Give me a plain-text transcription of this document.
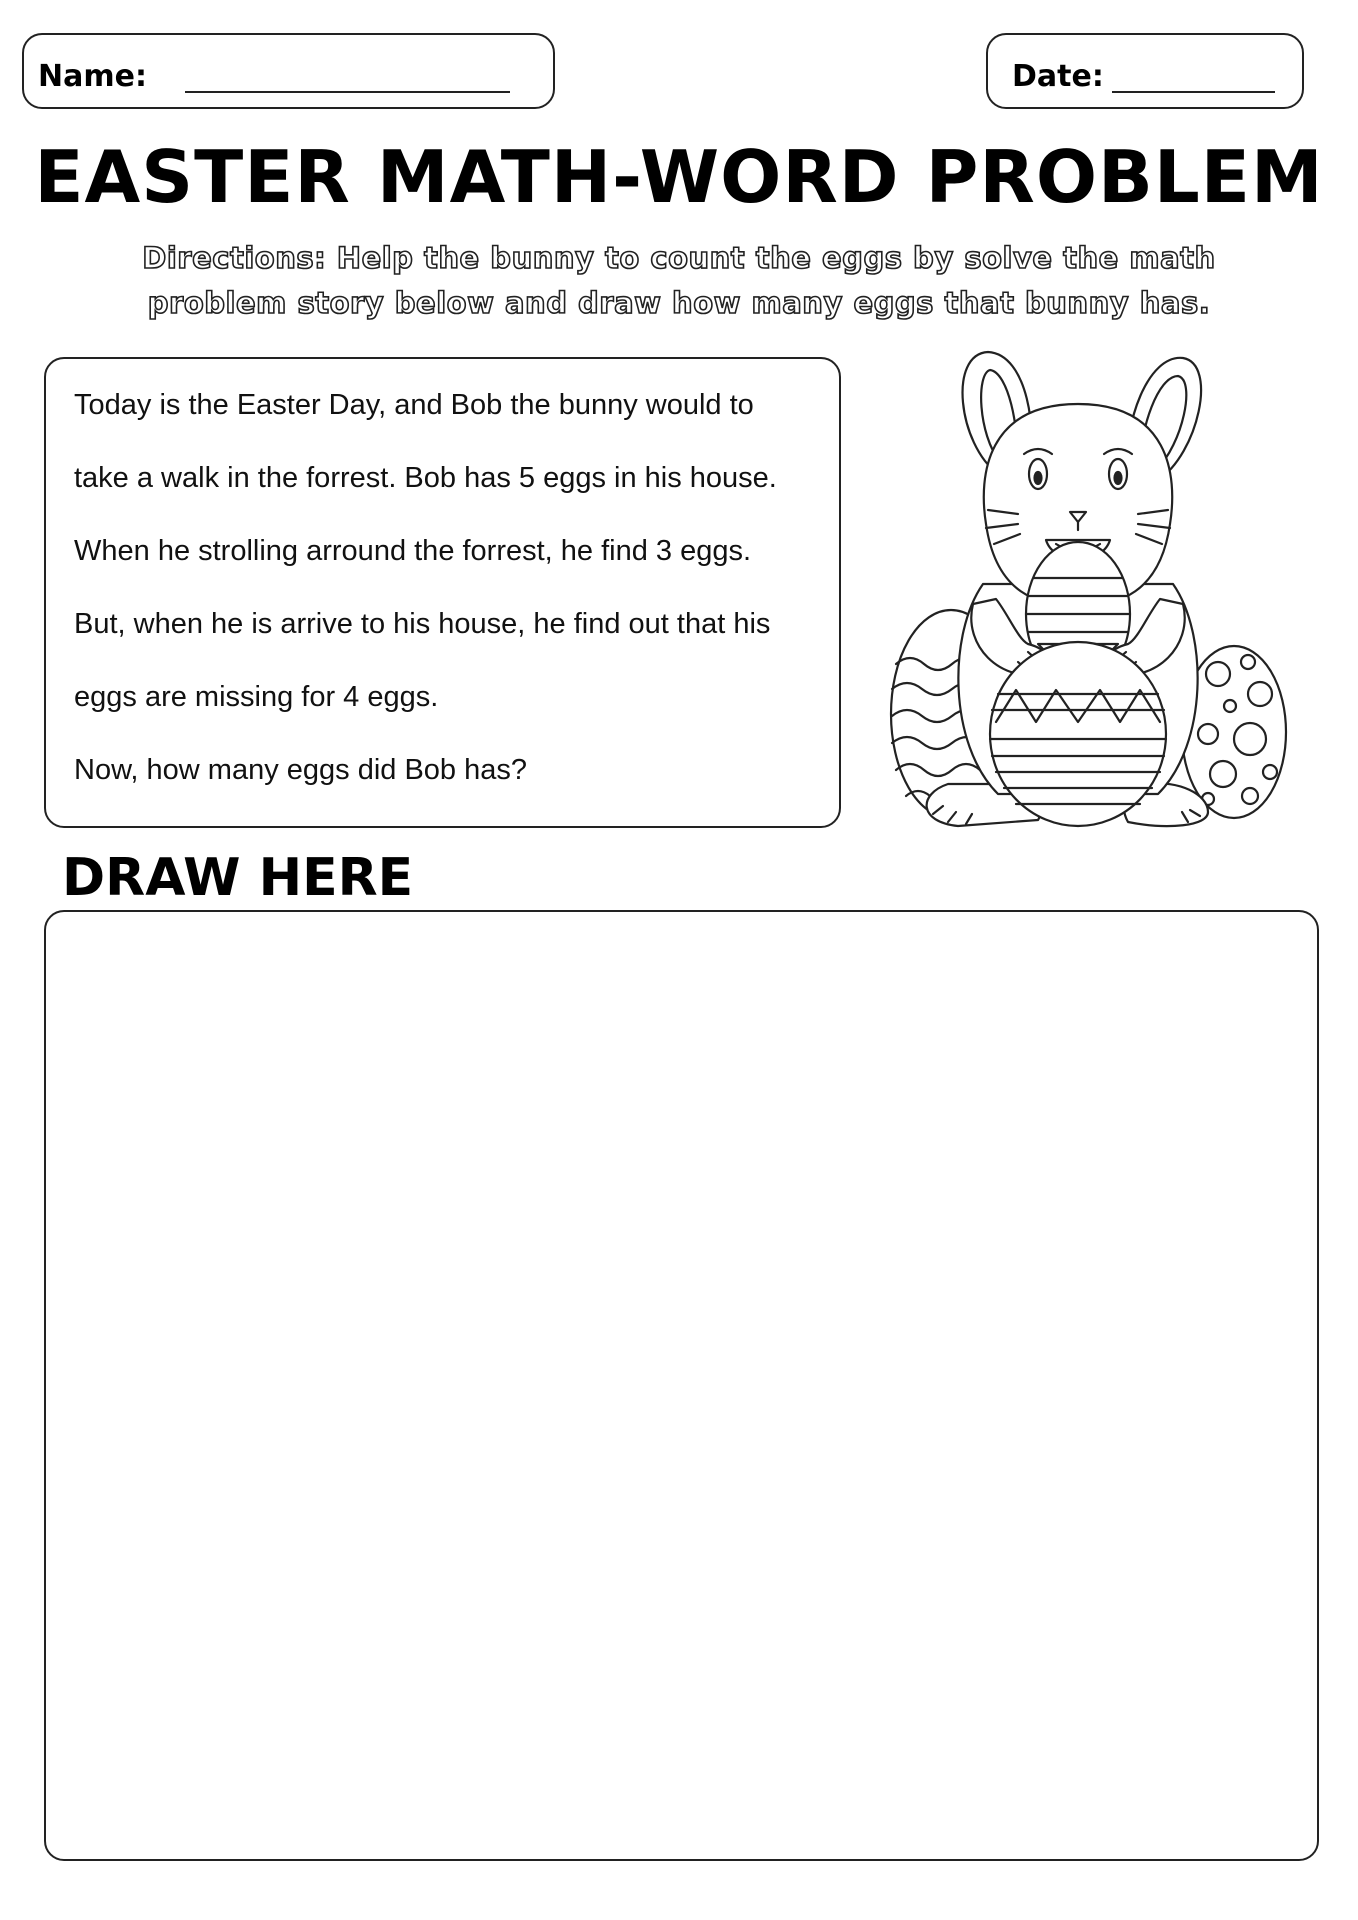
Name:	Date:
EASTER MATH-WORD PROBLEM
Directions: Help the bunny to count the eggs by solve the math
problem story below and draw how many eggs that bunny has.
Today is the Easter Day, and Bob the bunny would to
take a walk in the forrest. Bob has 5 eggs in his house.
When he strolling arround the forrest, he find 3 eggs.
But, when he is arrive to his house, he find out that his
eggs are missing for 4 eggs.
Now, how many eggs did Bob has?
DRAW HERE
